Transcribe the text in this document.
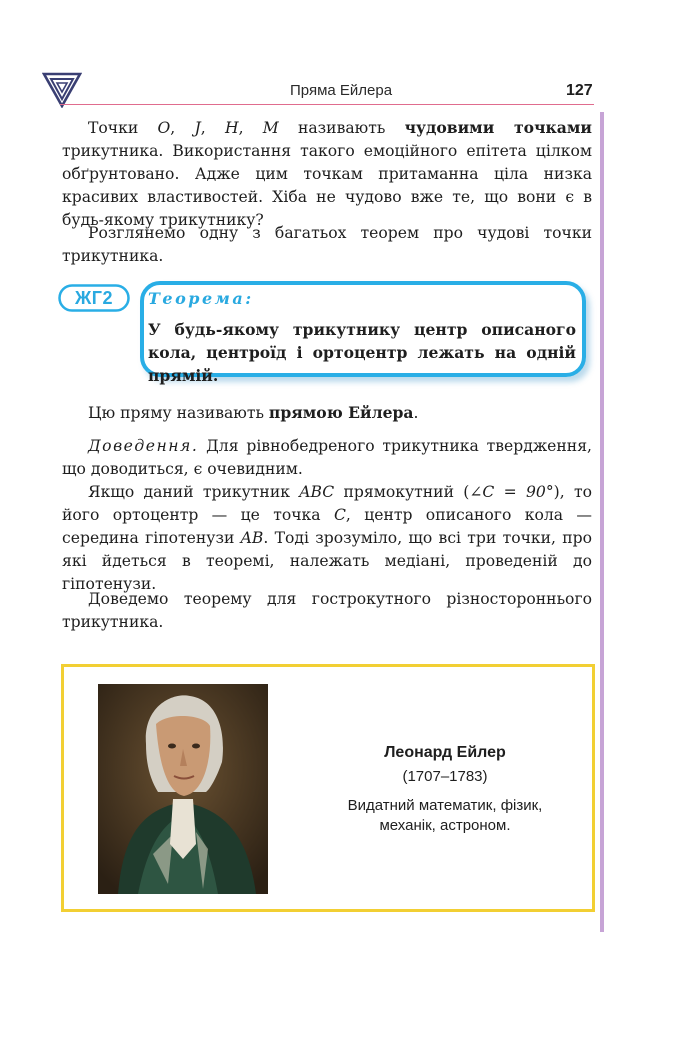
Пряма Ейлера	127

Точки O, J, H, M називають чудовими точками трикутника. Використання такого емоційного епітета цілком обґрунтовано. Адже цим точкам притаманна ціла низка красивих властивостей. Хіба не чудово вже те, що вони є в будь-якому трикутнику?

Розглянемо одну з багатьох теорем про чудові точки трикутника.

ЖГ2	Теорема:

У будь-якому трикутнику центр описаного кола, центроїд і ортоцентр лежать на одній прямій.

Цю пряму називають прямою Ейлера.

Доведення. Для рівнобедреного трикутника твердження, що доводиться, є очевидним.

Якщо даний трикутник ABC прямокутний (∠C = 90°), то його ортоцентр — це точка C, центр описаного кола — середина гіпотенузи AB. Тоді зрозуміло, що всі три точки, про які йдеться в теоремі, належать медіані, проведеній до гіпотенузи.

Доведемо теорему для гострокутного різностороннього трикутника.

Леонард Ейлер
(1707–1783)

Видатний математик, фізик, механік, астроном.
